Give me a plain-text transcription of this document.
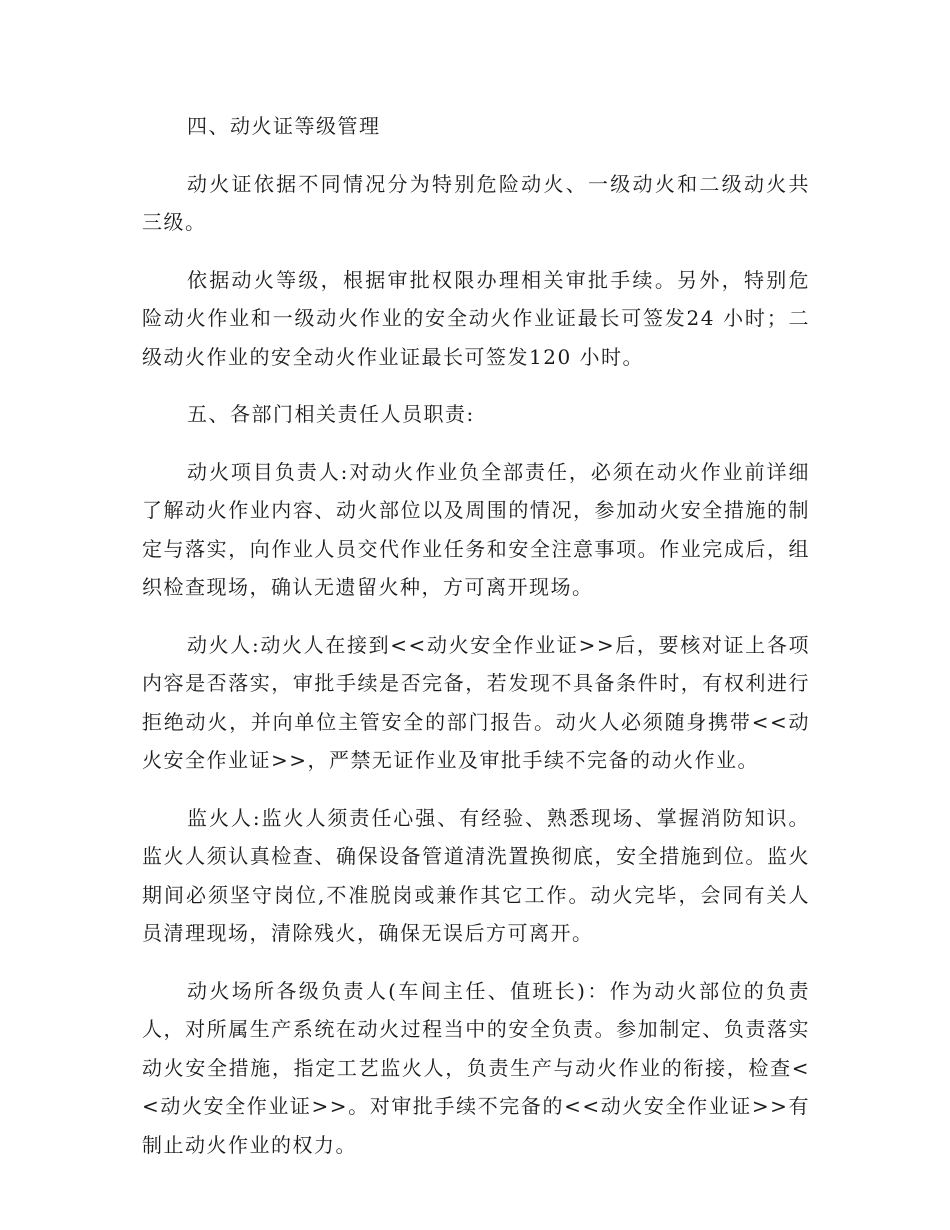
四、动火证等级管理

动火证依据不同情况分为特别危险动火、一级动火和二级动火共三级。

依据动火等级，根据审批权限办理相关审批手续。另外，特别危险动火作业和一级动火作业的安全动火作业证最长可签发24 小时；二级动火作业的安全动火作业证最长可签发120 小时。

五、各部门相关责任人员职责:

动火项目负责人:对动火作业负全部责任，必须在动火作业前详细了解动火作业内容、动火部位以及周围的情况，参加动火安全措施的制定与落实，向作业人员交代作业任务和安全注意事项。作业完成后，组织检查现场，确认无遗留火种，方可离开现场。

动火人:动火人在接到<<动火安全作业证>>后，要核对证上各项内容是否落实，审批手续是否完备，若发现不具备条件时，有权利进行拒绝动火，并向单位主管安全的部门报告。动火人必须随身携带<<动火安全作业证>>，严禁无证作业及审批手续不完备的动火作业。

监火人:监火人须责任心强、有经验、熟悉现场、掌握消防知识。监火人须认真检查、确保设备管道清洗置换彻底，安全措施到位。监火期间必须坚守岗位,不准脱岗或兼作其它工作。动火完毕，会同有关人员清理现场，清除残火，确保无误后方可离开。

动火场所各级负责人(车间主任、值班长)：作为动火部位的负责人，对所属生产系统在动火过程当中的安全负责。参加制定、负责落实动火安全措施，指定工艺监火人，负责生产与动火作业的衔接，检查<<动火安全作业证>>。对审批手续不完备的<<动火安全作业证>>有制止动火作业的权力。
